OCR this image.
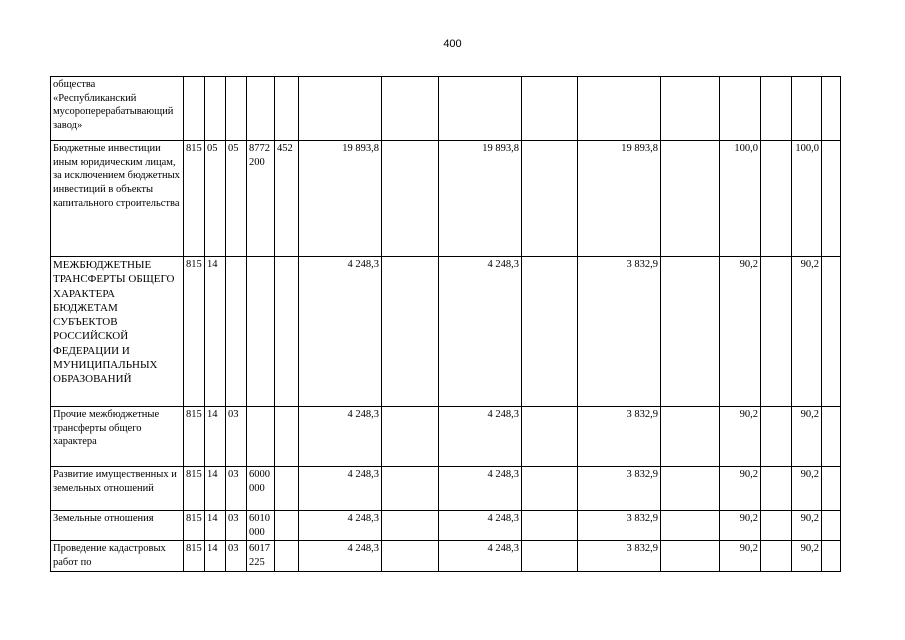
400
общества «Республиканский мусороперерабатывающий завод»															
Бюджетные инвестиции иным юридическим лицам, за исключением бюджетных инвестиций в объекты капитального строительства	815	05	05	8772 200	452	19 893,8		19 893,8		19 893,8		100,0		100,0	
МЕЖБЮДЖЕТНЫЕ ТРАНСФЕРТЫ ОБЩЕГО ХАРАКТЕРА БЮДЖЕТАМ СУБЪЕКТОВ РОССИЙСКОЙ ФЕДЕРАЦИИ И МУНИЦИПАЛЬНЫХ ОБРАЗОВАНИЙ	815	14				4 248,3		4 248,3		3 832,9		90,2		90,2	
Прочие межбюджетные трансферты общего характера	815	14	03			4 248,3		4 248,3		3 832,9		90,2		90,2	
Развитие имущественных и земельных отношений	815	14	03	6000 000		4 248,3		4 248,3		3 832,9		90,2		90,2	
Земельные отношения	815	14	03	6010 000		4 248,3		4 248,3		3 832,9		90,2		90,2	
Проведение кадастровых работ по	815	14	03	6017 225		4 248,3		4 248,3		3 832,9		90,2		90,2	
